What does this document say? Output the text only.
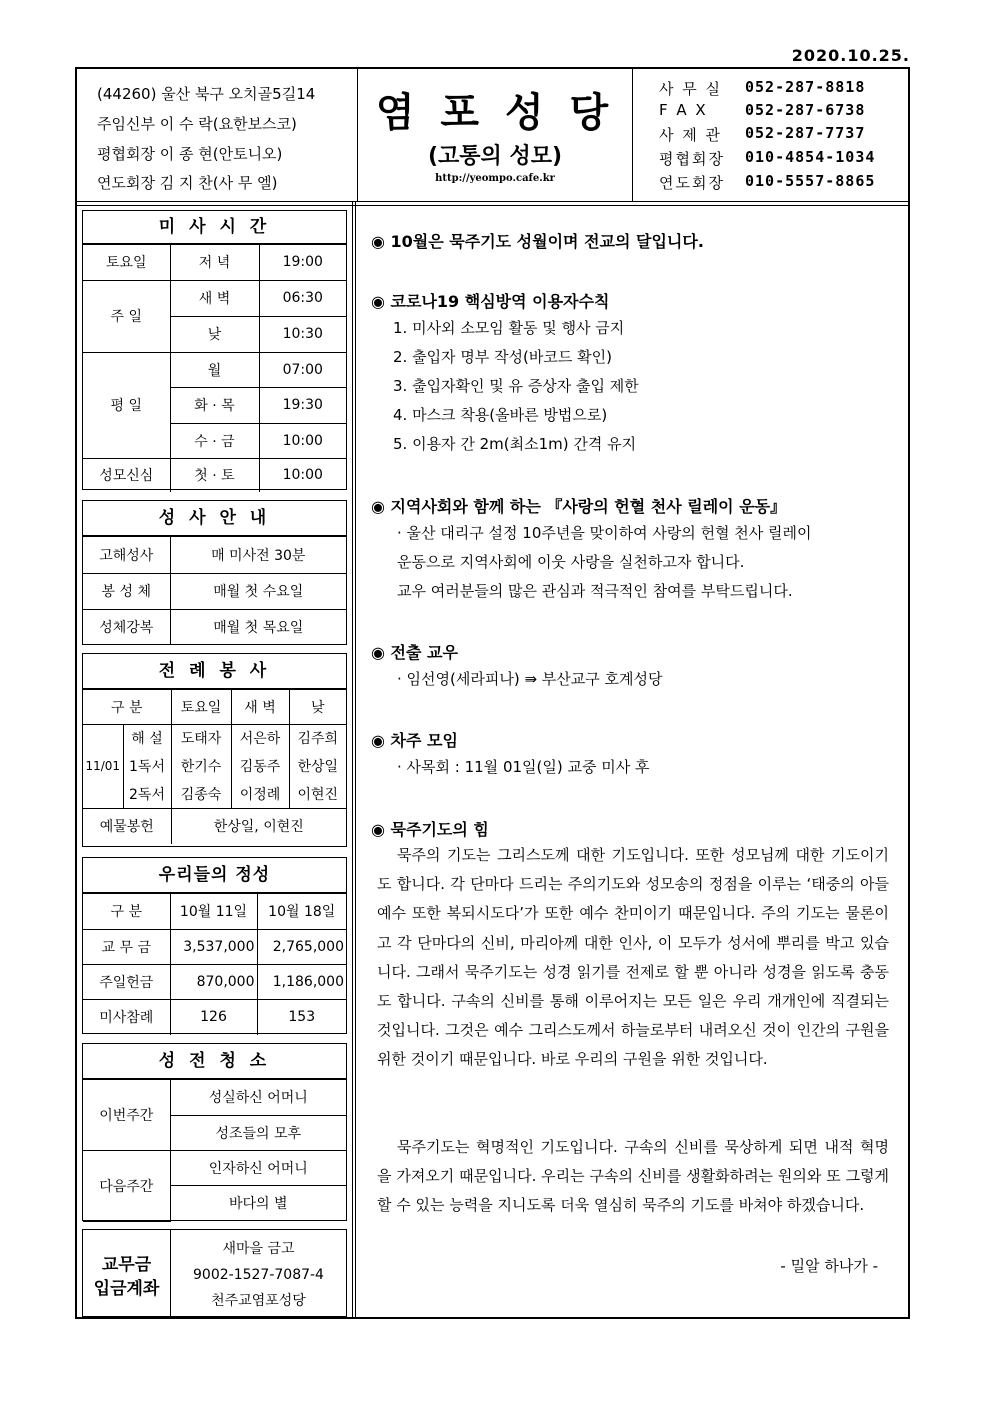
2020.10.25.
(44260) 울산 북구 오치골5길14
주임신부 이 수 락(요한보스코)
평협회장 이 종 현(안토니오)
연도회장 김 지 찬(사 무 엘)
염 포 성 당
(고통의 성모)
http://yeompo.cafe.kr
사 무 실	052-287-8818
F A X	052-287-6738
사 제 관	052-287-7737
평협회장 010-4854-1034
연도회장 010-5557-8865
미 사 시 간
토요일	저 녁	19:00
주 일	새 벽	06:30
	낮	10:30
평 일	월	07:00
	화 · 목	19:30
	수 · 금	10:00
성모신심	첫 · 토	10:00
성 사 안 내
고해성사	매 미사전 30분
봉 성 체	매월 첫 수요일
성체강복	매월 첫 목요일
전 례 봉 사
구 분		토요일	새 벽	낮
11/01	해 설	도태자	서은하	김주희
	1독서	한기수	김동주	한상일
	2독서	김종숙	이정례	이현진
예물봉헌		한상일, 이현진		
우리들의 정성
구 분	10월 11일	10월 18일
교 무 금	3,537,000	2,765,000
주일헌금	870,000	1,186,000
미사참례	126	153
성 전 청 소
이번주간	성실하신 어머니
	성조들의 모후
다음주간	인자하신 어머니
	바다의 별
교무금
입금계좌
새마을 금고
9002-1527-7087-4
천주교염포성당
◉ 10월은 묵주기도 성월이며 전교의 달입니다.
◉ 코로나19 핵심방역 이용자수칙
1. 미사외 소모임 활동 및 행사 금지
2. 출입자 명부 작성(바코드 확인)
3. 출입자확인 및 유 증상자 출입 제한
4. 마스크 착용(올바른 방법으로)
5. 이용자 간 2m(최소1m) 간격 유지
◉ 지역사회와 함께 하는 『사랑의 헌혈 천사 릴레이 운동』
· 울산 대리구 설정 10주년을 맞이하여 사랑의 헌혈 천사 릴레이
운동으로 지역사회에 이웃 사랑을 실천하고자 합니다.
교우 여러분들의 많은 관심과 적극적인 참여를 부탁드립니다.
◉ 전출 교우
· 임선영(세라피나) ⇛ 부산교구 호계성당
◉ 차주 모임
· 사목회 : 11월 01일(일) 교중 미사 후
◉ 묵주기도의 힘
묵주의 기도는 그리스도께 대한 기도입니다. 또한 성모님께 대한 기도이기도 합니다. 각 단마다 드리는 주의기도와 성모송의 정점을 이루는 ‘태중의 아들 예수 또한 복되시도다’가 또한 예수 찬미이기 때문입니다. 주의 기도는 물론이고 각 단마다의 신비, 마리아께 대한 인사, 이 모두가 성서에 뿌리를 박고 있습니다. 그래서 묵주기도는 성경 읽기를 전제로 할 뿐 아니라 성경을 읽도록 충동도 합니다. 구속의 신비를 통해 이루어지는 모든 일은 우리 개개인에 직결되는 것입니다. 그것은 예수 그리스도께서 하늘로부터 내려오신 것이 인간의 구원을 위한 것이기 때문입니다. 바로 우리의 구원을 위한 것입니다.
묵주기도는 혁명적인 기도입니다. 구속의 신비를 묵상하게 되면 내적 혁명을 가져오기 때문입니다. 우리는 구속의 신비를 생활화하려는 원의와 또 그렇게 할 수 있는 능력을 지니도록 더욱 열심히 묵주의 기도를 바쳐야 하겠습니다.
- 밀알 하나가 -
